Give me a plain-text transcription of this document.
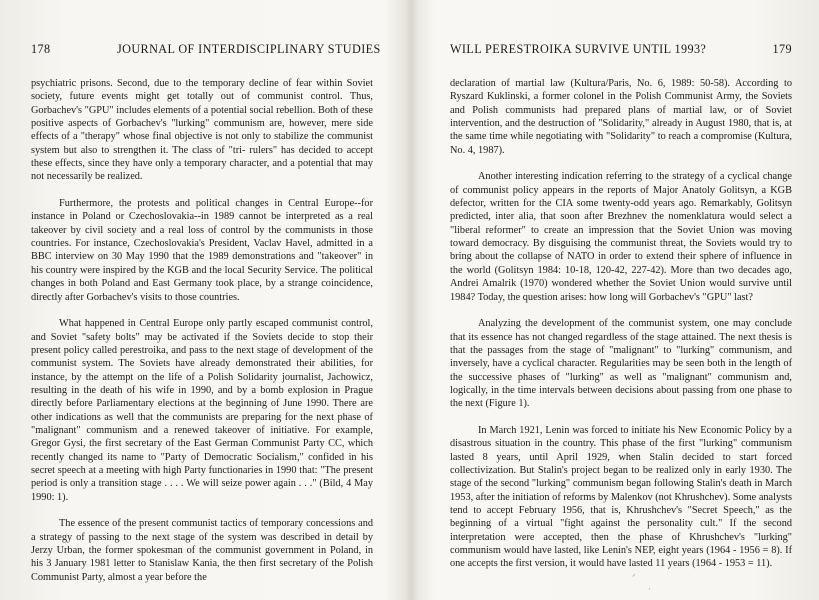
178	JOURNAL OF INTERDISCIPLINARY STUDIES

psychiatric prisons. Second, due to the temporary decline of fear within Soviet society, future events might get totally out of communist control. Thus, Gorbachev's "GPU" includes elements of a potential social rebellion. Both of these positive aspects of Gorbachev's "lurking" communism are, however, mere side effects of a "therapy" whose final objective is not only to stabilize the communist system but also to strengthen it. The class of "tri- rulers" has decided to accept these effects, since they have only a temporary character, and a potential that may not necessarily be realized.

Furthermore, the protests and political changes in Central Europe--for instance in Poland or Czechoslovakia--in 1989 cannot be interpreted as a real takeover by civil society and a real loss of control by the communists in those countries. For instance, Czechoslovakia's President, Vaclav Havel, admitted in a BBC interview on 30 May 1990 that the 1989 demonstrations and "takeover" in his country were inspired by the KGB and the local Security Service. The political changes in both Poland and East Germany took place, by a strange coincidence, directly after Gorbachev's visits to those countries.

What happened in Central Europe only partly escaped communist control, and Soviet "safety bolts" may be activated if the Soviets decide to stop their present policy called perestroika, and pass to the next stage of development of the communist system. The Soviets have already demonstrated their abilities, for instance, by the attempt on the life of a Polish Solidarity journalist, Jachowicz, resulting in the death of his wife in 1990, and by a bomb explosion in Prague directly before Parliamentary elections at the beginning of June 1990. There are other indications as well that the communists are preparing for the next phase of "malignant" communism and a renewed takeover of initiative. For example, Gregor Gysi, the first secretary of the East German Communist Party CC, which recently changed its name to "Party of Democratic Socialism," confided in his secret speech at a meeting with high Party functionaries in 1990 that: "The present period is only a transition stage . . . . We will seize power again . . ." (Bild, 4 May 1990: 1).

The essence of the present communist tactics of temporary concessions and a strategy of passing to the next stage of the system was described in detail by Jerzy Urban, the former spokesman of the communist government in Poland, in his 3 January 1981 letter to Stanislaw Kania, the then first secretary of the Polish Communist Party, almost a year before the

WILL PERESTROIKA SURVIVE UNTIL 1993?	179

declaration of martial law (Kultura/Paris, No. 6, 1989: 50-58). According to Ryszard Kuklinski, a former colonel in the Polish Communist Army, the Soviets and Polish communists had prepared plans of martial law, or of Soviet intervention, and the destruction of "Solidarity," already in August 1980, that is, at the same time while negotiating with "Solidarity" to reach a compromise (Kultura, No. 4, 1987).

Another interesting indication referring to the strategy of a cyclical change of communist policy appears in the reports of Major Anatoly Golitsyn, a KGB defector, written for the CIA some twenty-odd years ago. Remarkably, Golitsyn predicted, inter alia, that soon after Brezhnev the nomenklatura would select a "liberal reformer" to create an impression that the Soviet Union was moving toward democracy. By disguising the communist threat, the Soviets would try to bring about the collapse of NATO in order to extend their sphere of influence in the world (Golitsyn 1984: 10-18, 120-42, 227-42). More than two decades ago, Andrei Amalrik (1970) wondered whether the Soviet Union would survive until 1984? Today, the question arises: how long will Gorbachev's "GPU" last?

Analyzing the development of the communist system, one may conclude that its essence has not changed regardless of the stage attained. The next thesis is that the passages from the stage of "malignant" to "lurking" communism, and inversely, have a cyclical character. Regularities may be seen both in the length of the successive phases of "lurking" as well as "malignant" communism and, logically, in the time intervals between decisions about passing from one phase to the next (Figure 1).

In March 1921, Lenin was forced to initiate his New Economic Policy by a disastrous situation in the country. This phase of the first "lurking" communism lasted 8 years, until April 1929, when Stalin decided to start forced collectivization. But Stalin's project began to be realized only in early 1930. The stage of the second "lurking" communism began following Stalin's death in March 1953, after the initiation of reforms by Malenkov (not Khrushchev). Some analysts tend to accept February 1956, that is, Khrushchev's "Secret Speech," as the beginning of a virtual "fight against the personality cult." If the second interpretation were accepted, then the phase of Khrushchev's "lurking" communism would have lasted, like Lenin's NEP, eight years (1964 - 1956 = 8). If one accepts the first version, it would have lasted 11 years (1964 - 1953 = 11).

ᐟ
·
